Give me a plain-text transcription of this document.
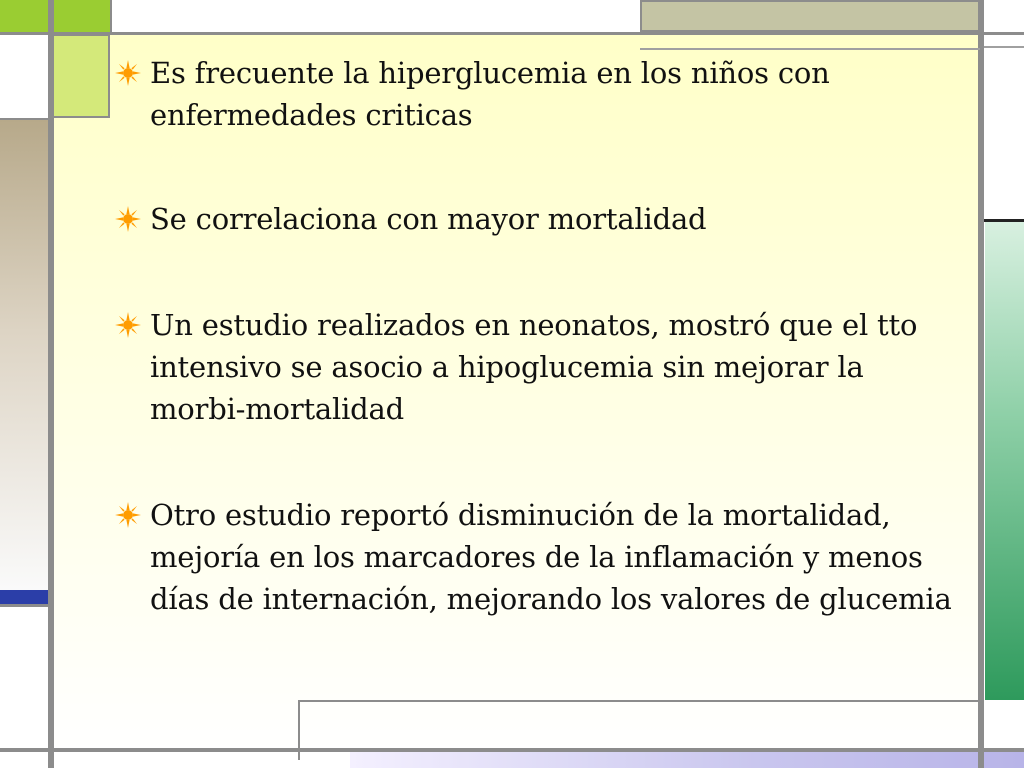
Es frecuente la hiperglucemia en los niños con enfermedades criticas
Se correlaciona con mayor mortalidad
Un estudio realizados en neonatos, mostró que el tto intensivo se asocio a hipoglucemia sin mejorar la morbi-mortalidad
Otro estudio reportó disminución de la mortalidad, mejoría en los marcadores de la inflamación y menos días de internación, mejorando los valores de glucemia
